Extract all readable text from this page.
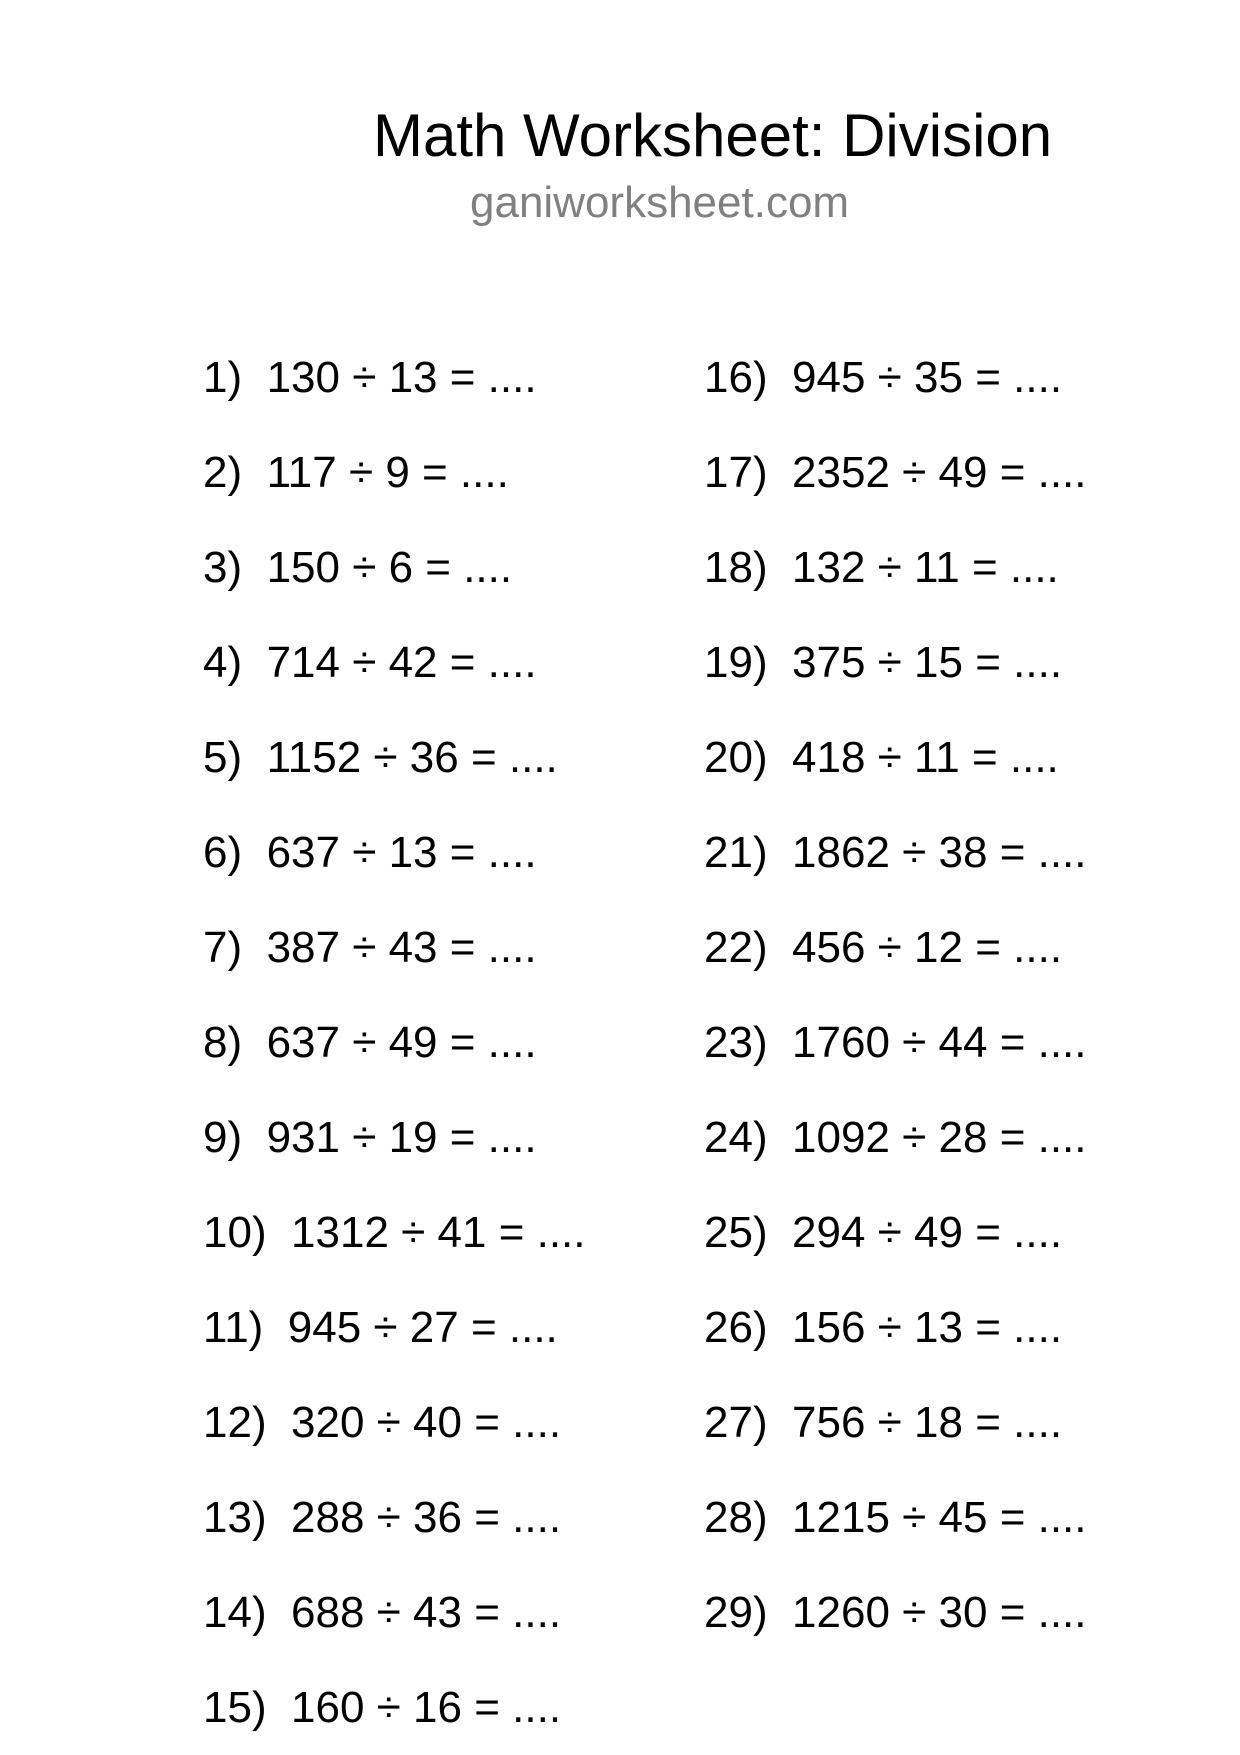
Math Worksheet: Division
ganiworksheet.com
1)  130 ÷ 13 = ....
2)  117 ÷ 9 = ....
3)  150 ÷ 6 = ....
4)  714 ÷ 42 = ....
5)  1152 ÷ 36 = ....
6)  637 ÷ 13 = ....
7)  387 ÷ 43 = ....
8)  637 ÷ 49 = ....
9)  931 ÷ 19 = ....
10)  1312 ÷ 41 = ....
11)  945 ÷ 27 = ....
12)  320 ÷ 40 = ....
13)  288 ÷ 36 = ....
14)  688 ÷ 43 = ....
15)  160 ÷ 16 = ....
16)  945 ÷ 35 = ....
17)  2352 ÷ 49 = ....
18)  132 ÷ 11 = ....
19)  375 ÷ 15 = ....
20)  418 ÷ 11 = ....
21)  1862 ÷ 38 = ....
22)  456 ÷ 12 = ....
23)  1760 ÷ 44 = ....
24)  1092 ÷ 28 = ....
25)  294 ÷ 49 = ....
26)  156 ÷ 13 = ....
27)  756 ÷ 18 = ....
28)  1215 ÷ 45 = ....
29)  1260 ÷ 30 = ....
